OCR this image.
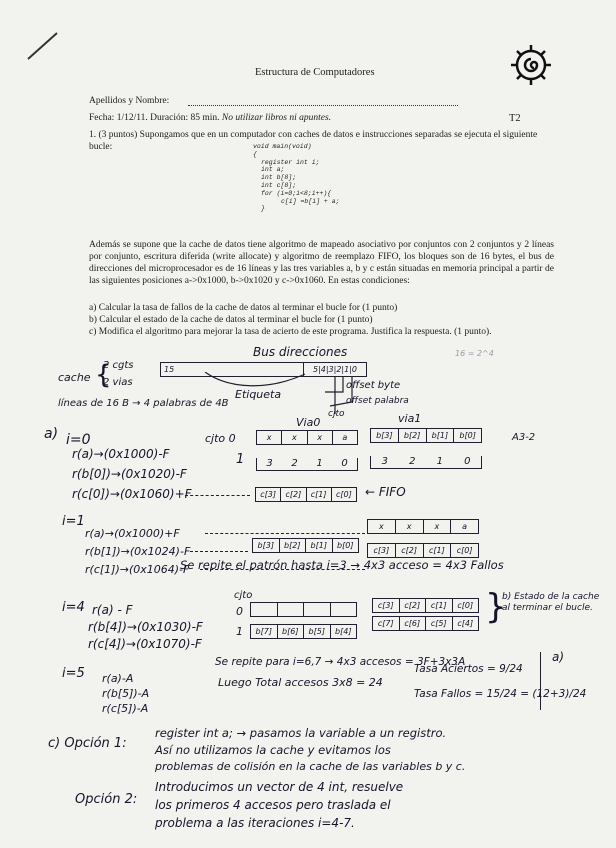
Estructura de Computadores
Apellidos y Nombre:
Fecha: 1/12/11. Duración: 85 min. No utilizar libros ni apuntes.	T2
1. (3 puntos) Supongamos que en un computador con caches de datos e instrucciones separadas se ejecuta el siguiente bucle:	void main(void)
{
register int i;
int a;
int b[8];
int c[8];
for (i=0;i<8;i++){
c[i] =b[i] + a;
}
Además se supone que la cache de datos tiene algoritmo de mapeado asociativo por conjuntos con 2 conjuntos y 2 líneas por conjunto, escritura diferida (write allocate) y algoritmo de reemplazo FIFO, los bloques son de 16 bytes, el bus de direcciones del microprocesador es de 16 líneas y las tres variables a, b y c están situadas en memoria principal a partir de las siguientes posiciones a->0x1000, b->0x1020 y c->0x1060. En estas condiciones:
a) Calcular la tasa de fallos de la cache de datos al terminar el bucle for (1 punto)
b) Calcular el estado de la cache de datos al terminar el bucle for (1 punto)
c) Modifica el algoritmo para mejorar la tasa de acierto de este programa. Justifica la respuesta. (1 punto).
Bus direcciones	16 = 2^4
cache
2 cgts
2 vias
{	15	5|4|3|2|1|0
Etiqueta
offset byte
offset palabra
cjto
líneas de 16 B → 4 palabras de 4B
Via0	via1
A3-2
a) i=0	cjto 0
1
r(a)→(0x1000)-F
r(b[0])→(0x1020)-F
r(c[0])→(0x1060)+F
x	x	x	a	b[3]	b[2]	b[1]	b[0]
3	2	1	0	3	2	1	0
c[3]	c[2]	c[1]	c[0]	← FIFO
i=1
r(a)→(0x1000)+F
r(b[1])→(0x1024)-F
r(c[1])→(0x1064)-F
x	x	x	a
b[3]	b[2]	b[1]	b[0]
c[3]	c[2]	c[1]	c[0]
Se repite el patrón hasta i=3 → 4x3 acceso = 4x3 Fallos
cjto
0
1
i=4 r(a) - F
r(b[4])→(0x1030)-F
r(c[4])→(0x1070)-F
c[3]	c[2]	c[1]	c[0]
b[7]	b[6]	b[5]	b[4]
c[7]	c[6]	c[5]	c[4] }
b) Estado de la cache al terminar el bucle.
i=5 r(a)-A
r(b[5])-A
r(c[5])-A
Se repite para i=6,7 → 4x3 accesos = 3F+3x3A
Luego Total accesos 3x8 = 24
Tasa Aciertos = 9/24
Tasa Fallos = 15/24 = (12+3)/24
a)
c) Opción 1:
register int a; → pasamos la variable a un registro.
Así no utilizamos la cache y evitamos los
problemas de colisión en la cache de las variables b y c.
Opción 2:
Introducimos un vector de 4 int, resuelve
los primeros 4 accesos pero traslada el
problema a las iteraciones i=4-7.
